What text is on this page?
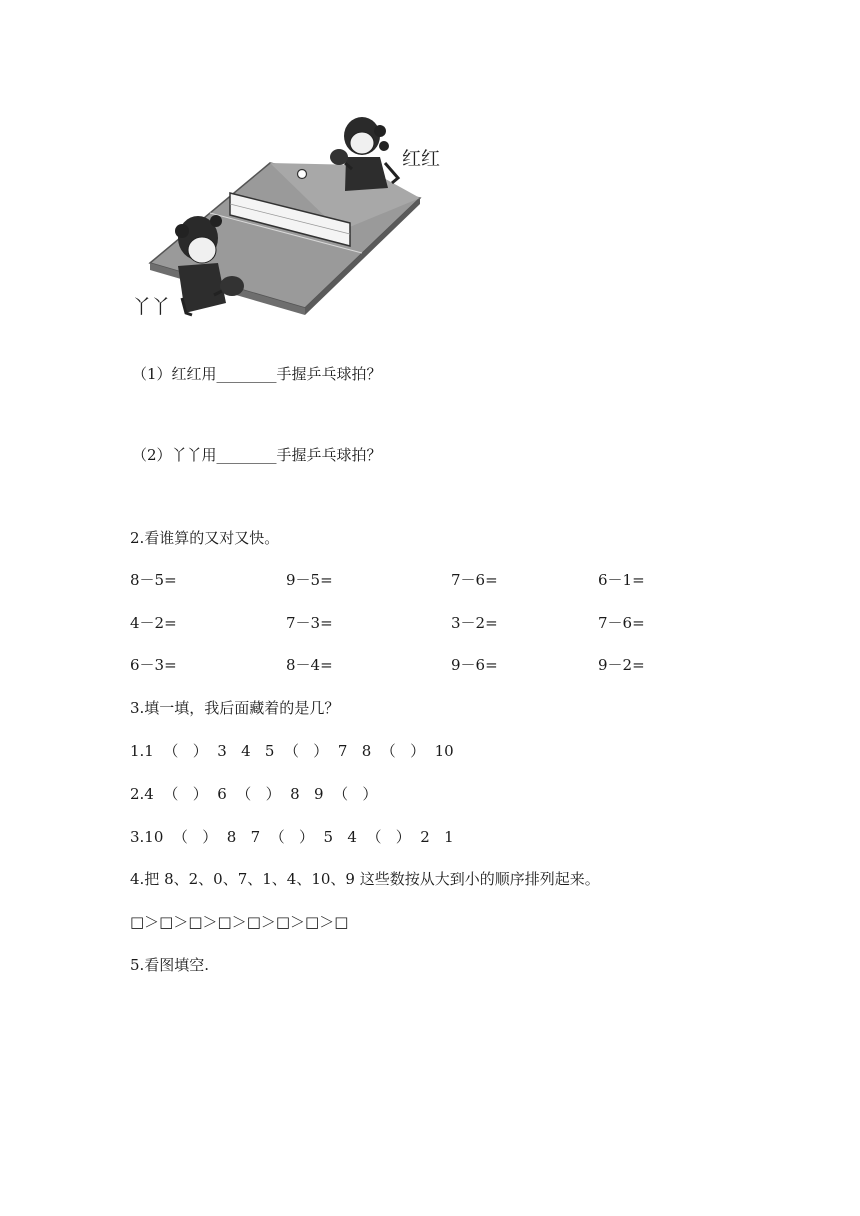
红红
丫丫
（1）红红用________手握乒乓球拍？
（2）丫丫用________手握乒乓球拍？
2.看谁算的又对又快。
8－5=	9－5=	7－6=	6－1=
4－2=	7－3=	3－2=	7－6=
6－3=	8－4=	9－6=	9－2=
3.填一填，我后面藏着的是几？
1.1  （   ）  3   4   5  （   ）  7   8  （   ）  10
2.4  （   ）  6  （   ）  8   9  （   ）
3.10  （   ）  8   7  （   ）  5   4  （   ）  2   1
4.把 8、2、0、7、1、4、10、9 这些数按从大到小的顺序排列起来。
□＞□＞□＞□＞□＞□＞□＞□
5.看图填空.
